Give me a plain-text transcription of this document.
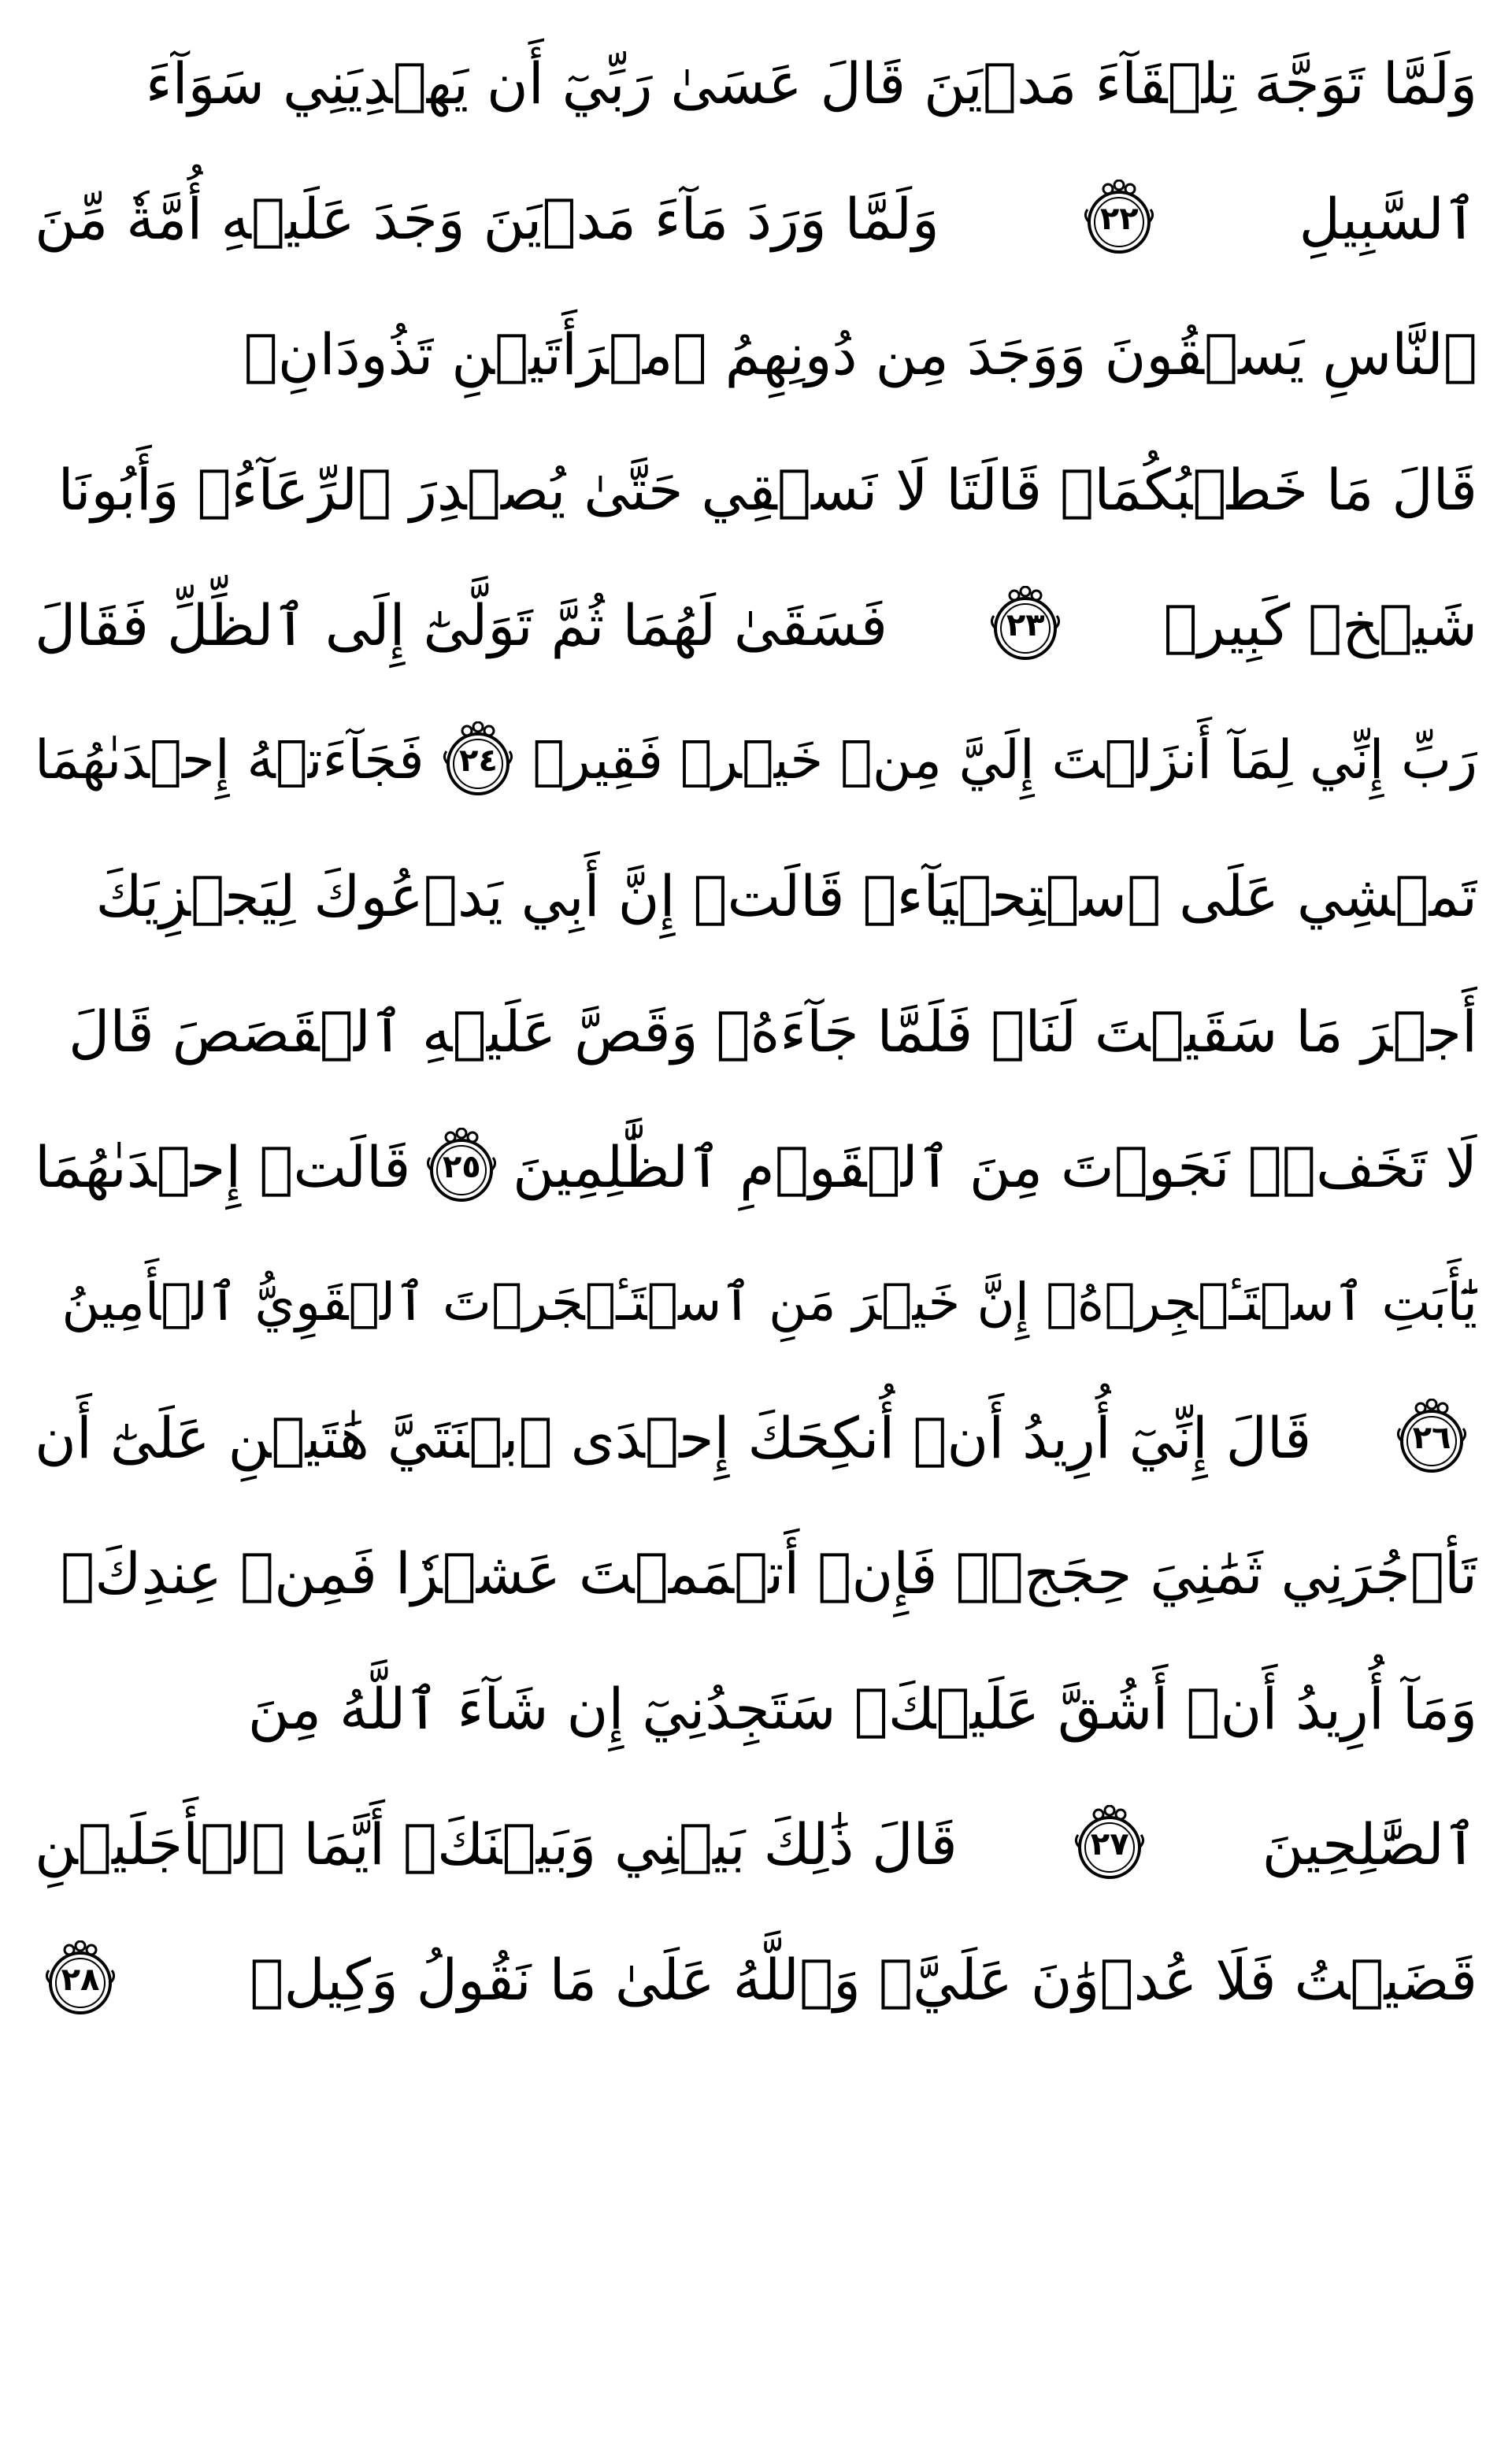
وَلَمَّا تَوَجَّهَ تِلۡقَآءَ مَدۡيَنَ قَالَ عَسَىٰ رَبِّيٓ أَن يَهۡدِيَنِي سَوَآءَ
ٱلسَّبِيلِ
٢٢
وَلَمَّا وَرَدَ مَآءَ مَدۡيَنَ وَجَدَ عَلَيۡهِ أُمَّةٗ مِّنَ
ٱلنَّاسِ يَسۡقُونَ وَوَجَدَ مِن دُونِهِمُ ٱمۡرَأَتَيۡنِ تَذُودَانِۖ
قَالَ مَا خَطۡبُكُمَاۖ قَالَتَا لَا نَسۡقِي حَتَّىٰ يُصۡدِرَ ٱلرِّعَآءُۖ وَأَبُونَا
شَيۡخٞ كَبِيرٞ
٢٣
فَسَقَىٰ لَهُمَا ثُمَّ تَوَلَّىٰٓ إِلَى ٱلظِّلِّ فَقَالَ
رَبِّ إِنِّي لِمَآ أَنزَلۡتَ إِلَيَّ مِنۡ خَيۡرٖ فَقِيرٞ
٢٤
فَجَآءَتۡهُ إِحۡدَىٰهُمَا
تَمۡشِي عَلَى ٱسۡتِحۡيَآءٖ قَالَتۡ إِنَّ أَبِي يَدۡعُوكَ لِيَجۡزِيَكَ
أَجۡرَ مَا سَقَيۡتَ لَنَاۚ فَلَمَّا جَآءَهُۥ وَقَصَّ عَلَيۡهِ ٱلۡقَصَصَ قَالَ
لَا تَخَفۡۖ نَجَوۡتَ مِنَ ٱلۡقَوۡمِ ٱلظَّٰلِمِينَ
٢٥
قَالَتۡ إِحۡدَىٰهُمَا
يَٰٓأَبَتِ ٱسۡتَـٔۡجِرۡهُۖ إِنَّ خَيۡرَ مَنِ ٱسۡتَـٔۡجَرۡتَ ٱلۡقَوِيُّ ٱلۡأَمِينُ
٢٦
قَالَ إِنِّيٓ أُرِيدُ أَنۡ أُنكِحَكَ إِحۡدَى ٱبۡنَتَيَّ هَٰتَيۡنِ عَلَىٰٓ أَن
تَأۡجُرَنِي ثَمَٰنِيَ حِجَجٖۖ فَإِنۡ أَتۡمَمۡتَ عَشۡرٗا فَمِنۡ عِندِكَۖ
وَمَآ أُرِيدُ أَنۡ أَشُقَّ عَلَيۡكَۚ سَتَجِدُنِيٓ إِن شَآءَ ٱللَّهُ مِنَ
ٱلصَّٰلِحِينَ
٢٧
قَالَ ذَٰلِكَ بَيۡنِي وَبَيۡنَكَۖ أَيَّمَا ٱلۡأَجَلَيۡنِ
قَضَيۡتُ فَلَا عُدۡوَٰنَ عَلَيَّۖ وَٱللَّهُ عَلَىٰ مَا نَقُولُ وَكِيلٞ
٢٨
